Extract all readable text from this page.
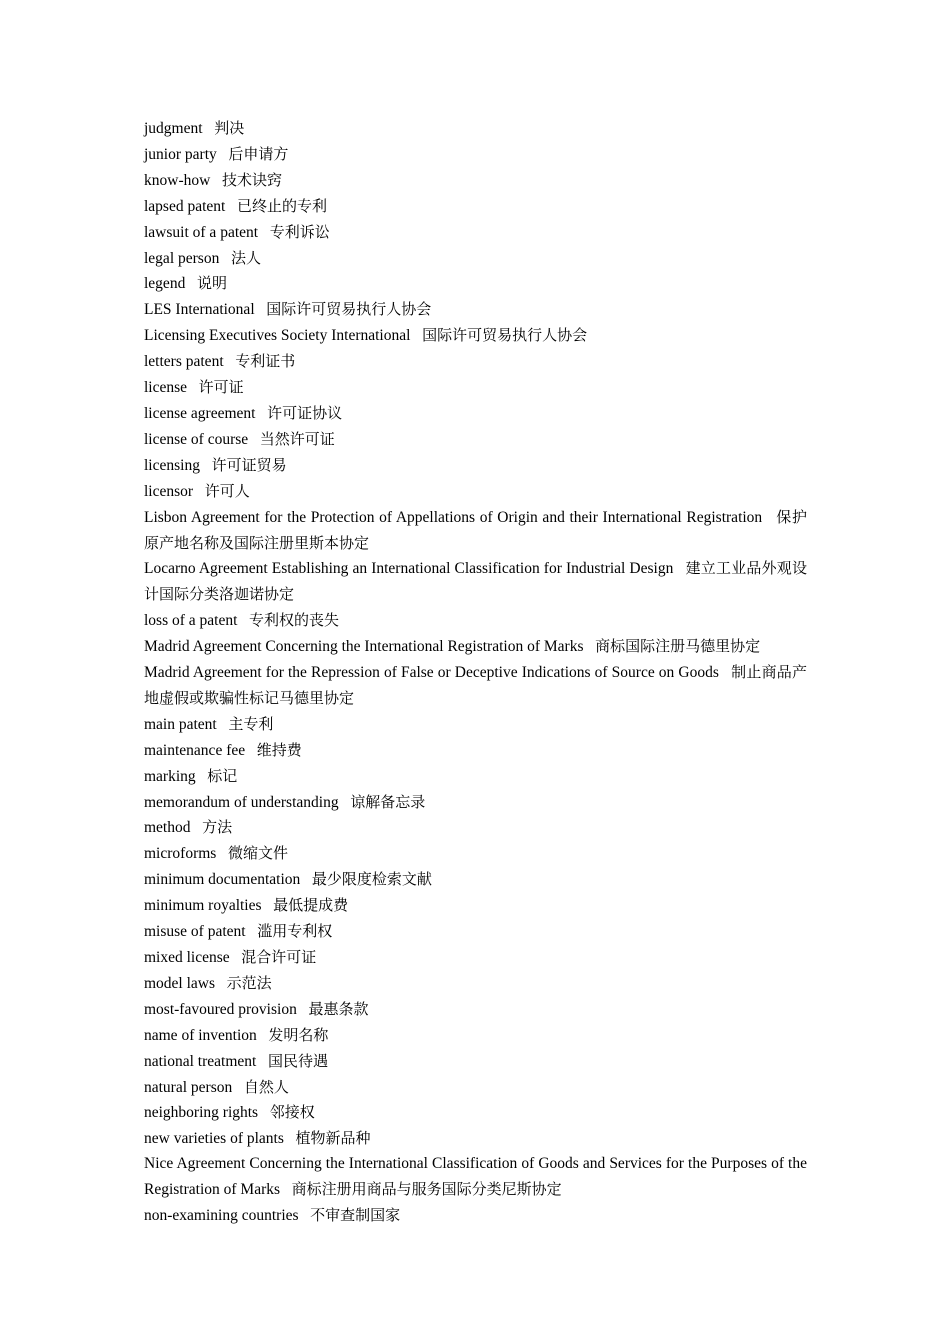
judgment 判决

junior party 后申请方

know-how 技术诀窍

lapsed patent 已终止的专利

lawsuit of a patent 专利诉讼

legal person 法人

legend 说明

LES International 国际许可贸易执行人协会

Licensing Executives Society International 国际许可贸易执行人协会

letters patent 专利证书

license 许可证

license agreement 许可证协议

license of course 当然许可证

licensing 许可证贸易

licensor 许可人

Lisbon Agreement for the Protection of Appellations of Origin and their International Registration 保护原产地名称及国际注册里斯本协定

Locarno Agreement Establishing an International Classification for Industrial Design 建立工业品外观设计国际分类洛迦诺协定

loss of a patent 专利权的丧失

Madrid Agreement Concerning the International Registration of Marks 商标国际注册马德里协定

Madrid Agreement for the Repression of False or Deceptive Indications of Source on Goods 制止商品产地虚假或欺骗性标记马德里协定

main patent 主专利

maintenance fee 维持费

marking 标记

memorandum of understanding 谅解备忘录

method 方法

microforms 微缩文件

minimum documentation 最少限度检索文献

minimum royalties 最低提成费

misuse of patent 滥用专利权

mixed license 混合许可证

model laws 示范法

most-favoured provision 最惠条款

name of invention 发明名称

national treatment 国民待遇

natural person 自然人

neighboring rights 邻接权

new varieties of plants 植物新品种

Nice Agreement Concerning the International Classification of Goods and Services for the Purposes of the Registration of Marks 商标注册用商品与服务国际分类尼斯协定

non-examining countries 不审查制国家
